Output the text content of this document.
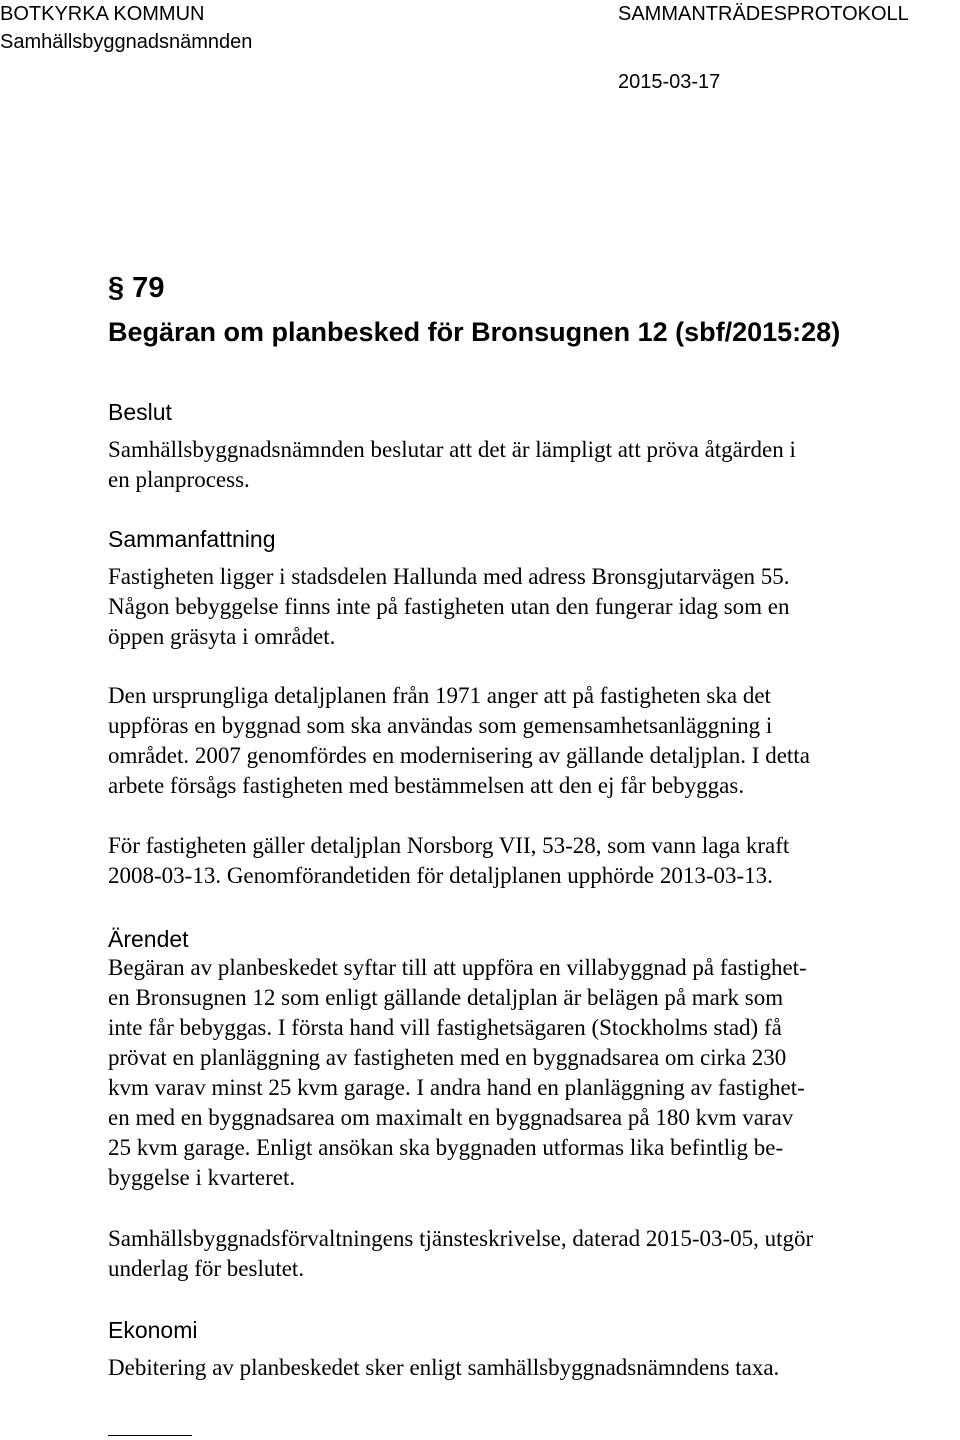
BOTKYRKA KOMMUN
Samhällsbyggnadsnämnden
SAMMANTRÄDESPROTOKOLL
2015-03-17
§ 79
Begäran om planbesked för Bronsugnen 12 (sbf/2015:28)
Beslut
Samhällsbyggnadsnämnden beslutar att det är lämpligt att pröva åtgärden i
en planprocess.
Sammanfattning
Fastigheten ligger i stadsdelen Hallunda med adress Bronsgjutarvägen 55.
Någon bebyggelse finns inte på fastigheten utan den fungerar idag som en
öppen gräsyta i området.
Den ursprungliga detaljplanen från 1971 anger att på fastigheten ska det
uppföras en byggnad som ska användas som gemensamhetsanläggning i
området. 2007 genomfördes en modernisering av gällande detaljplan. I detta
arbete försågs fastigheten med bestämmelsen att den ej får bebyggas.
För fastigheten gäller detaljplan Norsborg VII, 53-28, som vann laga kraft
2008-03-13. Genomförandetiden för detaljplanen upphörde 2013-03-13.
Ärendet
Begäran av planbeskedet syftar till att uppföra en villabyggnad på fastighet-
en Bronsugnen 12 som enligt gällande detaljplan är belägen på mark som
inte får bebyggas. I första hand vill fastighetsägaren (Stockholms stad) få
prövat en planläggning av fastigheten med en byggnadsarea om cirka 230
kvm varav minst 25 kvm garage. I andra hand en planläggning av fastighet-
en med en byggnadsarea om maximalt en byggnadsarea på 180 kvm varav
25 kvm garage. Enligt ansökan ska byggnaden utformas lika befintlig be-
byggelse i kvarteret.
Samhällsbyggnadsförvaltningens tjänsteskrivelse, daterad 2015-03-05, utgör
underlag för beslutet.
Ekonomi
Debitering av planbeskedet sker enligt samhällsbyggnadsnämndens taxa.
